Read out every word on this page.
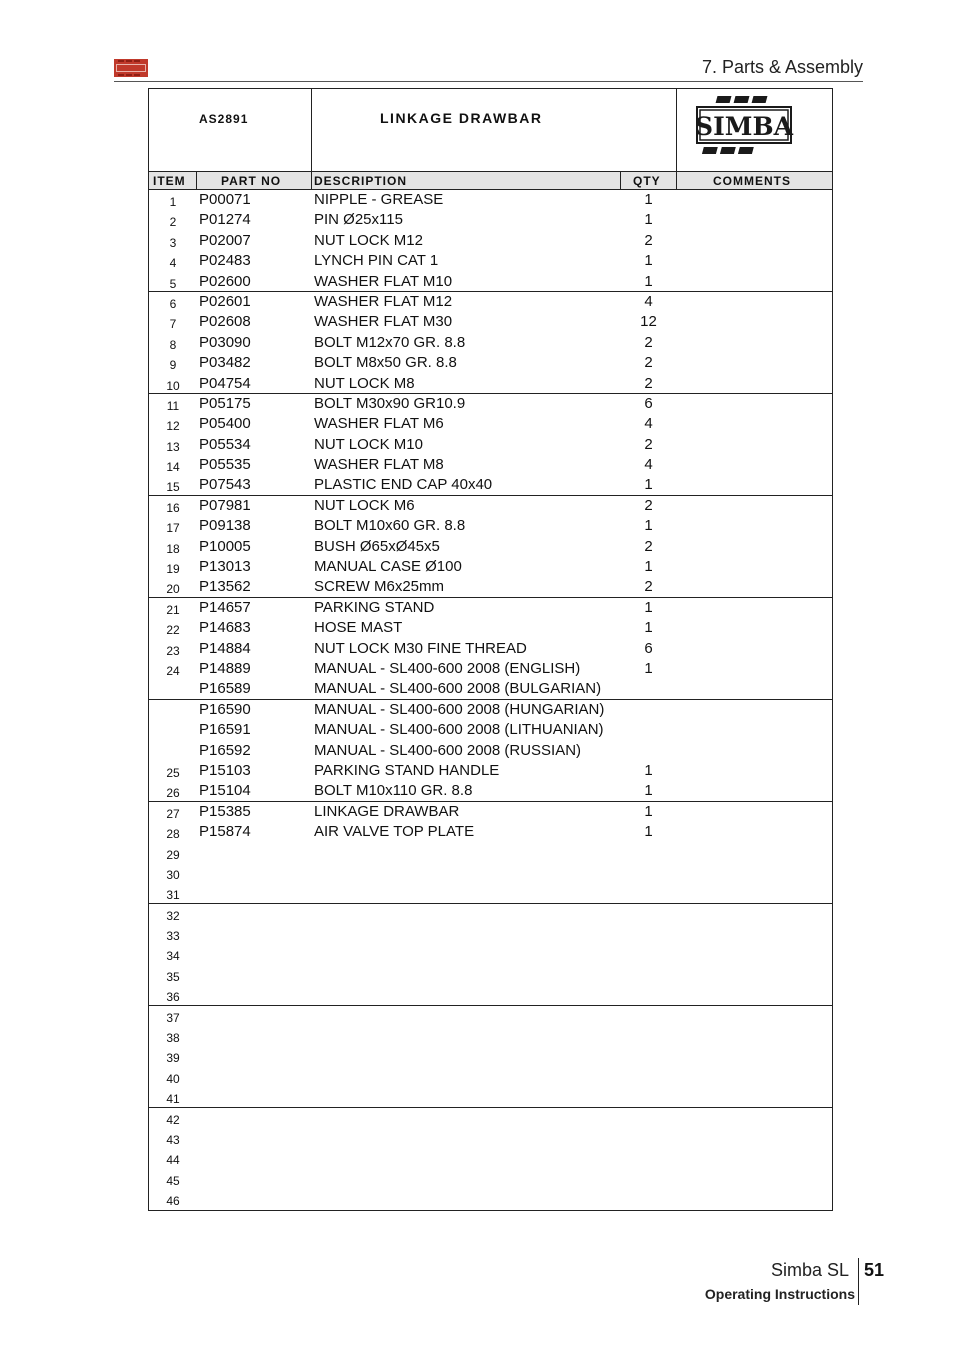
7. Parts & Assembly
AS2891	LINKAGE DRAWBAR	SIMBA
ITEM	PART NO	DESCRIPTION	QTY	COMMENTS
1	P00071	NIPPLE - GREASE	1
2	P01274	PIN Ø25x115	1
3	P02007	NUT LOCK M12	2
4	P02483	LYNCH PIN CAT 1	1
5	P02600	WASHER FLAT M10	1
6	P02601	WASHER FLAT M12	4
7	P02608	WASHER FLAT M30	12
8	P03090	BOLT M12x70 GR. 8.8	2
9	P03482	BOLT M8x50 GR. 8.8	2
10	P04754	NUT LOCK M8	2
11	P05175	BOLT M30x90 GR10.9	6
12	P05400	WASHER FLAT M6	4
13	P05534	NUT LOCK M10	2
14	P05535	WASHER FLAT M8	4
15	P07543	PLASTIC END CAP 40x40	1
16	P07981	NUT LOCK M6	2
17	P09138	BOLT M10x60 GR. 8.8	1
18	P10005	BUSH Ø65xØ45x5	2
19	P13013	MANUAL CASE Ø100	1
20	P13562	SCREW M6x25mm	2
21	P14657	PARKING STAND	1
22	P14683	HOSE MAST	1
23	P14884	NUT LOCK M30 FINE THREAD	6
24	P14889	MANUAL - SL400-600 2008 (ENGLISH)	1
P16589	MANUAL - SL400-600 2008 (BULGARIAN)
P16590	MANUAL - SL400-600 2008 (HUNGARIAN)
P16591	MANUAL - SL400-600 2008 (LITHUANIAN)
P16592	MANUAL - SL400-600 2008 (RUSSIAN)
25	P15103	PARKING STAND HANDLE	1
26	P15104	BOLT M10x110 GR. 8.8	1
27	P15385	LINKAGE DRAWBAR	1
28	P15874	AIR VALVE TOP PLATE	1
29
30
31
32
33
34
35
36
37
38
39
40
41
42
43
44
45
46
Simba SL 51
Operating Instructions
